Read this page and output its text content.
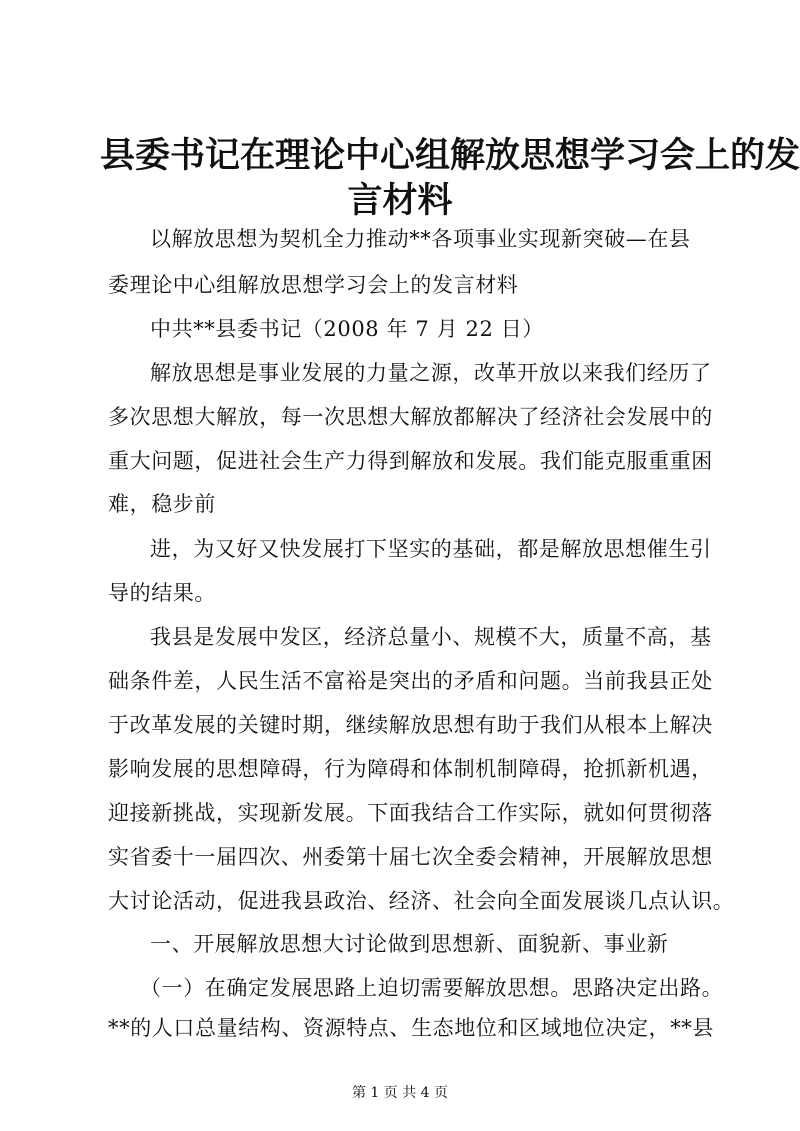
县委书记在理论中心组解放思想学习会上的发
言材料
以解放思想为契机全力推动**各项事业实现新突破—在县
委理论中心组解放思想学习会上的发言材料
中共**县委书记（2008 年 7 月 22 日）
解放思想是事业发展的力量之源，改革开放以来我们经历了
多次思想大解放，每一次思想大解放都解决了经济社会发展中的
重大问题，促进社会生产力得到解放和发展。我们能克服重重困
难，稳步前
进，为又好又快发展打下坚实的基础，都是解放思想催生引
导的结果。
我县是发展中发区，经济总量小、规模不大，质量不高，基
础条件差，人民生活不富裕是突出的矛盾和问题。当前我县正处
于改革发展的关键时期，继续解放思想有助于我们从根本上解决
影响发展的思想障碍，行为障碍和体制机制障碍，抢抓新机遇，
迎接新挑战，实现新发展。下面我结合工作实际，就如何贯彻落
实省委十一届四次、州委第十届七次全委会精神，开展解放思想
大讨论活动，促进我县政治、经济、社会向全面发展谈几点认识。
一、开展解放思想大讨论做到思想新、面貌新、事业新
（一）在确定发展思路上迫切需要解放思想。思路决定出路。
**的人口总量结构、资源特点、生态地位和区域地位决定，**县
第 1 页 共 4 页
